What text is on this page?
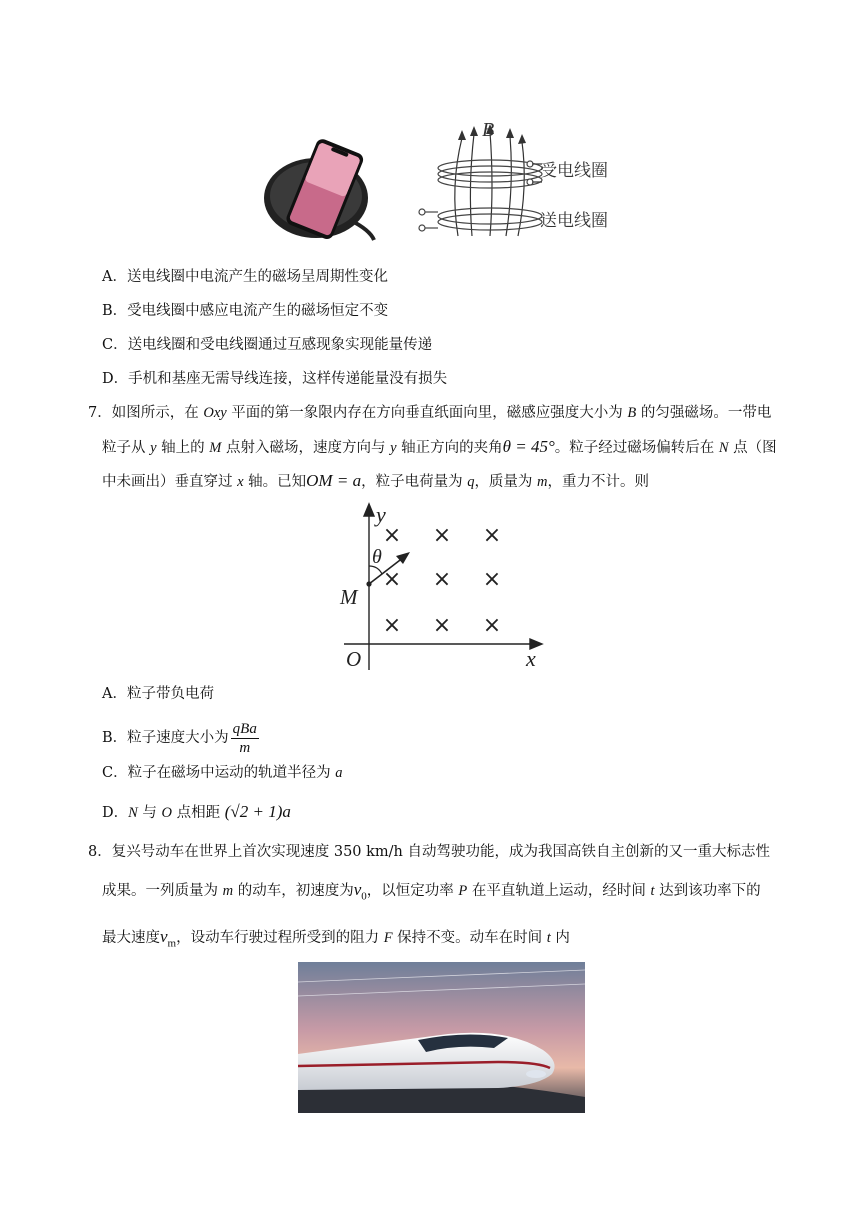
B
受电线圈
送电线圈
A．送电线圈中电流产生的磁场呈周期性变化
B．受电线圈中感应电流产生的磁场恒定不变
C．送电线圈和受电线圈通过互感现象实现能量传递
D．手机和基座无需导线连接，这样传递能量没有损失
7．如图所示，在 Oxy 平面的第一象限内存在方向垂直纸面向里，磁感应强度大小为 B 的匀强磁场。一带电
粒子从 y 轴上的 M 点射入磁场，速度方向与 y 轴正方向的夹角θ = 45°。粒子经过磁场偏转后在 N 点（图
中未画出）垂直穿过 x 轴。已知OM = a，粒子电荷量为 q，质量为 m，重力不计。则
y
x
O
M
θ
× × ×
× × ×
× × ×
A．粒子带负电荷
B．粒子速度大小为 $\frac{\text{qBa}}{m}$
C．粒子在磁场中运动的轨道半径为 a
D．N 与 O 点相距 (√2 + 1)a
8．复兴号动车在世界上首次实现速度 350 km/h 自动驾驶功能，成为我国高铁自主创新的又一重大标志性
成果。一列质量为 m 的动车，初速度为$v_0$，以恒定功率 P 在平直轨道上运动，经时间 t 达到该功率下的
最大速度$v_m$，设动车行驶过程所受到的阻力 F 保持不变。动车在时间 t 内
